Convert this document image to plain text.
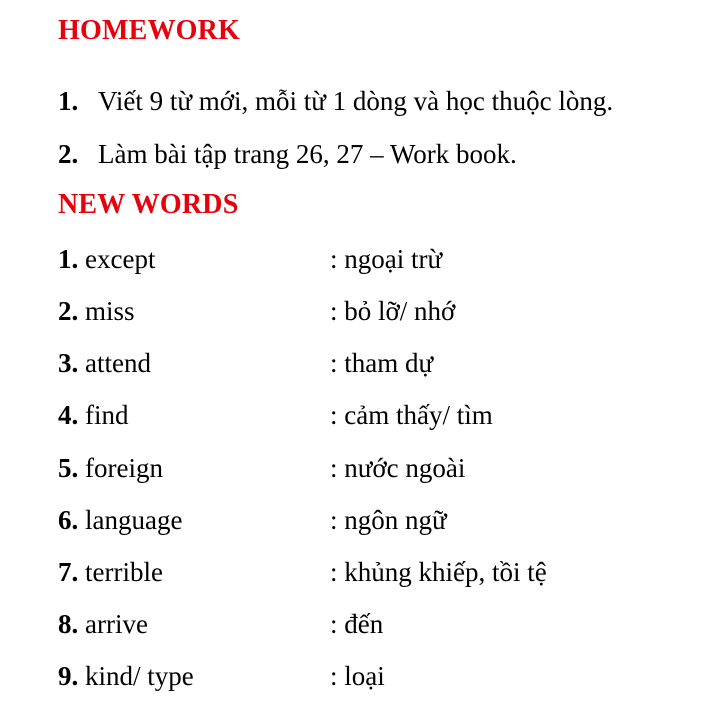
HOMEWORK
1. Viết 9 từ mới, mỗi từ 1 dòng và học thuộc lòng.
2. Làm bài tập trang 26, 27 – Work book.
NEW WORDS
1. except	: ngoại trừ
2. miss	: bỏ lỡ/ nhớ
3. attend	: tham dự
4. find	: cảm thấy/ tìm
5. foreign	: nước ngoài
6. language	: ngôn ngữ
7. terrible	: khủng khiếp, tồi tệ
8. arrive	: đến
9. kind/ type	: loại
